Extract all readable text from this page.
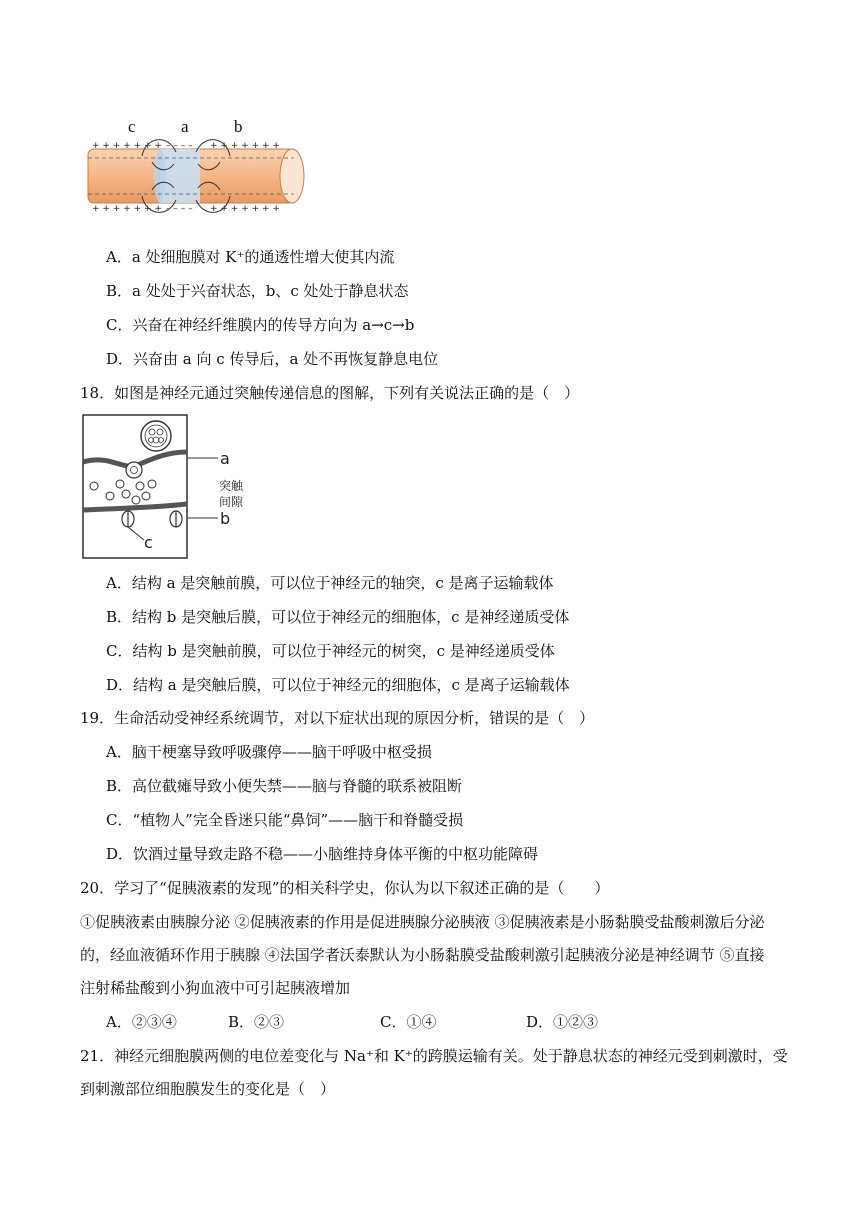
+ + + + + + +	+ + + + + + +
– – – –
+ + + + + + +	+ + + + + + +
– – – –
c	a	b
A．a 处细胞膜对 K⁺的通透性增大使其内流
B．a 处处于兴奋状态，b、c 处处于静息状态
C．兴奋在神经纤维膜内的传导方向为 a→c→b
D．兴奋由 a 向 c 传导后，a 处不再恢复静息电位
18．如图是神经元通过突触传递信息的图解，下列有关说法正确的是（　）
a
b
c
突触
间隙
A．结构 a 是突触前膜，可以位于神经元的轴突，c 是离子运输载体
B．结构 b 是突触后膜，可以位于神经元的细胞体，c 是神经递质受体
C．结构 b 是突触前膜，可以位于神经元的树突，c 是神经递质受体
D．结构 a 是突触后膜，可以位于神经元的细胞体，c 是离子运输载体
19．生命活动受神经系统调节，对以下症状出现的原因分析，错误的是（　）
A．脑干梗塞导致呼吸骤停——脑干呼吸中枢受损
B．高位截瘫导致小便失禁——脑与脊髓的联系被阻断
C．“植物人”完全昏迷只能“鼻饲”——脑干和脊髓受损
D．饮酒过量导致走路不稳——小脑维持身体平衡的中枢功能障碍
20．学习了“促胰液素的发现”的相关科学史，你认为以下叙述正确的是（　　）
①促胰液素由胰腺分泌 ②促胰液素的作用是促进胰腺分泌胰液 ③促胰液素是小肠黏膜受盐酸刺激后分泌
的，经血液循环作用于胰腺 ④法国学者沃泰默认为小肠黏膜受盐酸刺激引起胰液分泌是神经调节 ⑤直接
注射稀盐酸到小狗血液中可引起胰液增加
A．②③④	B．②③	C．①④	D．①②③
21．神经元细胞膜两侧的电位差变化与 Na⁺和 K⁺的跨膜运输有关。处于静息状态的神经元受到刺激时，受
到刺激部位细胞膜发生的变化是（　）
